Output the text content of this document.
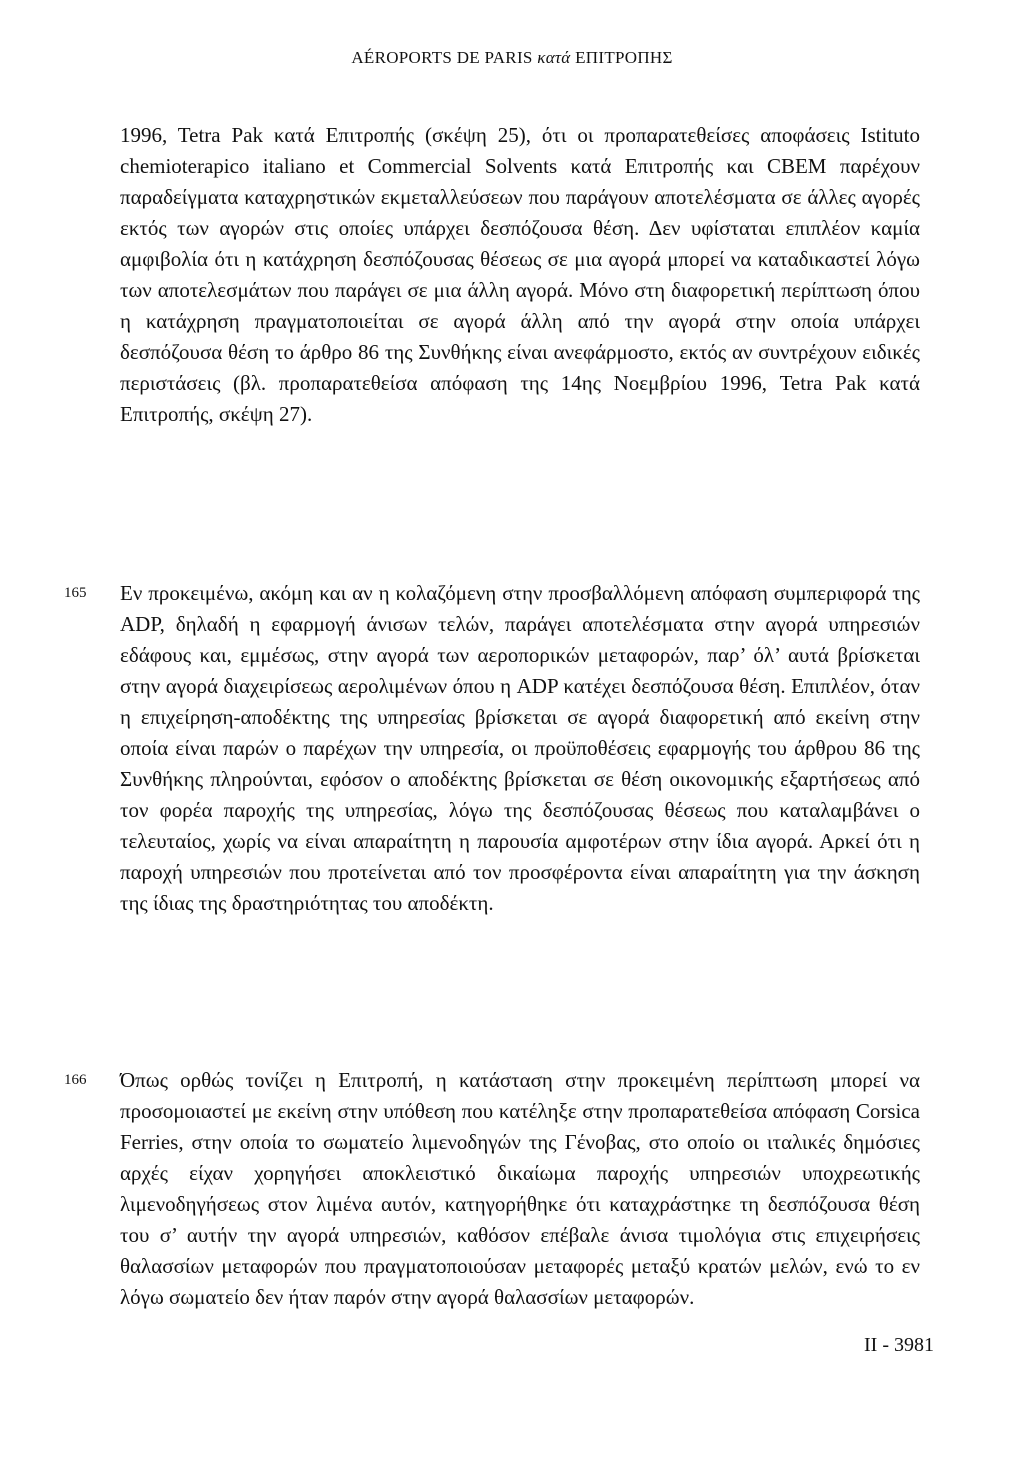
AÉROPORTS DE PARIS κατά ΕΠΙΤΡΟΠΗΣ

1996, Tetra Pak κατά Επιτροπής (σκέψη 25), ότι οι προπαρατεθείσες αποφάσεις Istituto chemioterapico italiano et Commercial Solvents κατά Επιτροπής και CBEM παρέχουν παραδείγματα καταχρηστικών εκμεταλλεύσεων που παράγουν αποτελέσματα σε άλλες αγορές εκτός των αγορών στις οποίες υπάρχει δεσπόζουσα θέση. Δεν υφίσταται επιπλέον καμία αμφιβολία ότι η κατάχρηση δεσπόζουσας θέσεως σε μια αγορά μπορεί να καταδικαστεί λόγω των αποτελεσμάτων που παράγει σε μια άλλη αγορά. Μόνο στη διαφορετική περίπτωση όπου η κατάχρηση πραγματοποιείται σε αγορά άλλη από την αγορά στην οποία υπάρχει δεσπόζουσα θέση το άρθρο 86 της Συνθήκης είναι ανεφάρμοστο, εκτός αν συντρέχουν ειδικές περιστάσεις (βλ. προπαρατεθείσα απόφαση της 14ης Νοεμβρίου 1996, Tetra Pak κατά Επιτροπής, σκέψη 27).

165 Εν προκειμένω, ακόμη και αν η κολαζόμενη στην προσβαλλόμενη απόφαση συμπεριφορά της ADP, δηλαδή η εφαρμογή άνισων τελών, παράγει αποτελέσματα στην αγορά υπηρεσιών εδάφους και, εμμέσως, στην αγορά των αεροπορικών μεταφορών, παρ’ όλ’ αυτά βρίσκεται στην αγορά διαχειρίσεως αερολιμένων όπου η ADP κατέχει δεσπόζουσα θέση. Επιπλέον, όταν η επιχείρηση-αποδέκτης της υπηρεσίας βρίσκεται σε αγορά διαφορετική από εκείνη στην οποία είναι παρών ο παρέχων την υπηρεσία, οι προϋποθέσεις εφαρμογής του άρθρου 86 της Συνθήκης πληρούνται, εφόσον ο αποδέκτης βρίσκεται σε θέση οικονομικής εξαρτήσεως από τον φορέα παροχής της υπηρεσίας, λόγω της δεσπόζουσας θέσεως που καταλαμβάνει ο τελευταίος, χωρίς να είναι απαραίτητη η παρουσία αμφοτέρων στην ίδια αγορά. Αρκεί ότι η παροχή υπηρεσιών που προτείνεται από τον προσφέροντα είναι απαραίτητη για την άσκηση της ίδιας της δραστηριότητας του αποδέκτη.

166 Όπως ορθώς τονίζει η Επιτροπή, η κατάσταση στην προκειμένη περίπτωση μπορεί να προσομοιαστεί με εκείνη στην υπόθεση που κατέληξε στην προπαρατεθείσα απόφαση Corsica Ferries, στην οποία το σωματείο λιμενοδηγών της Γένοβας, στο οποίο οι ιταλικές δημόσιες αρχές είχαν χορηγήσει αποκλειστικό δικαίωμα παροχής υπηρεσιών υποχρεωτικής λιμενοδηγήσεως στον λιμένα αυτόν, κατηγορήθηκε ότι καταχράστηκε τη δεσπόζουσα θέση του σ’ αυτήν την αγορά υπηρεσιών, καθόσον επέβαλε άνισα τιμολόγια στις επιχειρήσεις θαλασσίων μεταφορών που πραγματοποιούσαν μεταφορές μεταξύ κρατών μελών, ενώ το εν λόγω σωματείο δεν ήταν παρόν στην αγορά θαλασσίων μεταφορών.

II - 3981
